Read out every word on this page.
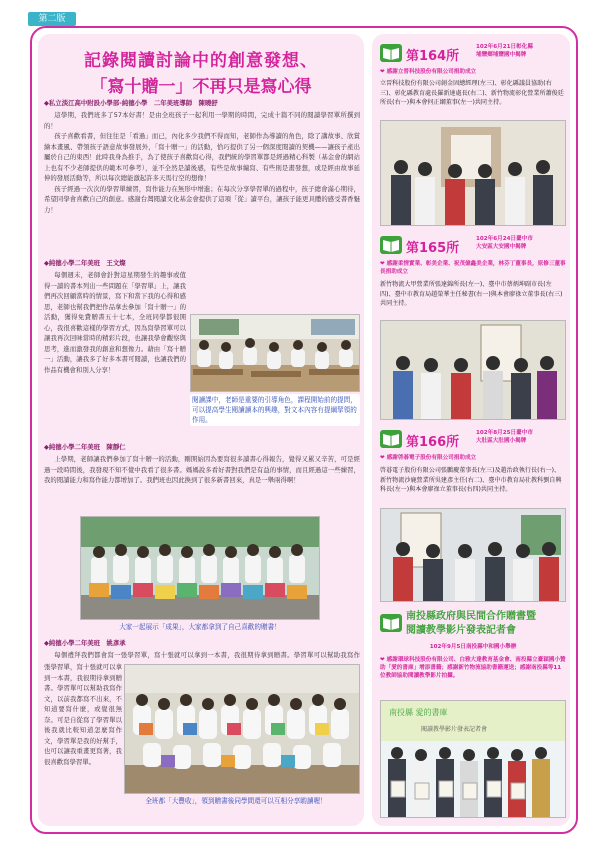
第二版
記錄閱讀討論中的創意發想、
「寫十贈一」不再只是寫心得
◆私立淡江高中附設小學部-純德小學　二年美班導師　陳曉舒

這學期，我們班多了57本好書！是由全班孩子一起利用一學期的時間，完成十篇不同的閱讀學習單所撰到的！

孩子喜歡看書，但往往是「看過」而已，內化多少我們不得而知，老師作為導讀的角色，除了講故事、欣賞繪本畫風、帶領孩子語意故事發展外，「寫十贈一」的活動，恰巧提供了另一個深度閱讀的契機——讓孩子產出屬於自己的東西！此時我身為推手，為了使孩子喜歡寫心得，我們統的學習單都是經過精心科製（基金會的網站上也有不少老師提供的範本可參考），並不全然是讀後感，有些是故事編寫、有些則是畫發想，或是經由故事延伸的發展活動等，所以每次總能激起許多天馬行空的想像！

孩子經過一次次的學習單練習，寫作能力在無形中增進；在每次分享學習單的過程中，孩子總會滿心期待，希望同學會喜歡自己的創意。感謝台灣閱讀文化基金會提供了這項「從」讀平台，讓孩子能更具體的感受書香魅力！

◆純德小學二年美班　王文燦

每個週末，老師會針對這星期發生的趣事或值得一讀的書本列出一些問題在「學習單」上，讓我們再次回顧當時的情景，寫下和當下我的心得和感思，老師也幫我們把作品拿去參加「寫十贈一」的活動，獲得免費贈書五十七本，全班同學都很開心，我很喜歡這樣的學習方式，因為寫學習單可以讓我再次回味當時的精彩片段，也讓我學會觀察與思考，進而激發我的創意和想像力。藉由「寫十贈一」活動，讓我多了好多本書可閱讀，也讓我們的作品有機會和別人分享！

閱讀課中，老師是重要的引導角色，課程開始前的提問，可以提高學生閱讀讀本的興趣，對文本內容有提綱挈領的作用。
◆純德小學二年美班　陳靜仁

上學期，老師讓我們參加了寫十贈一的活動，剛開始因為要寫很多讀書心得報告，覺得又累又辛苦，可是經過一段時間後，我發現不知不覺中我看了很多書。媽媽說多看好書對我們是有益的事情，而且經過這一些練習，我的閱讀能力和寫作能力都增加了。我們班也因此換到了很多新書回來，真是一舉兩得啊！

大家一起展示「成果」，大家都拿到了自己喜歡的贈書！
◆純德小學二年美班　姚彥承

每個禮拜我們都會寫一張學習單，寫十張就可以拿到一本書，我很期待拿到贈書。學習單可以幫助我寫作

張學習單，寫十張就可以拿到一本書，我很期待拿到贈書。學習單可以幫助我寫作文，以前我都寫不出來，不知道要寫什麼，或覺很無奈。可是自從寫了學習單以後我就比較知道怎麼寫作文，學習單是我的好幫手，也可以讓我重畫更寫著，我很喜歡寫學習單。

全班都「大豐收」，領到贈書後同學間還可以互相分享喲讀喔！
第164所
102年6月21日彰化縣
埔鹽鄉埔鹽國中揭牌
❤ 感謝立晉科技股份有限公司捐助成立
立晉科技股份有限公司創金固總經理(左三)、彰化縣議員協助(右三)、彰化縣教育處長羅新達處長(右二)、新竹物流彰化營業所蕭俊廷所長(右一)與本會何正綱董事(左一)共同主持。
第165所
102年6月24日臺中市
大安區大安國中揭牌
❤ 感謝柔情實業、彰美企業、祝茂億鑫美企業，林芬丁董事長，原修三董事長捐助成立
新竹物流大甲營業所張達錦所長(左一)、臺中市蔡炳坤副市長(左四)、臺中市教育局趙榮華主任秘書(右一)與本會廖祿立董事長(右三)共同主持。
第166所
102年8月25日臺中市
大肚區大肚國小揭牌
❤ 感謝啓碁電子股份有限公司捐助成立
啓碁電子股份有限公司張鵬慶董事長(左三)及趙治政執行長(右一)、新竹物流沙鹿營業所吳建彥主任(右二)、臺中市教育局社教科劉自興科長(左一)與本會廖祿立董事長(右四)共同主持。
南投縣政府與民間合作贈書暨
閱讀教學影片發表記者會
102年9月5日南投縣中和國小舉辦
❤ 感謝環球科技股份有限公司、白雅大達教育基金會、南投縣立臺穎國小贊助「愛的書庫」增添書籍；感謝新竹物流協助書籍運送；感謝南投縣等11位教師協助閱讀教學影片拍攝。
南投縣 愛的書庫
閱讀教學影片發表記者會
